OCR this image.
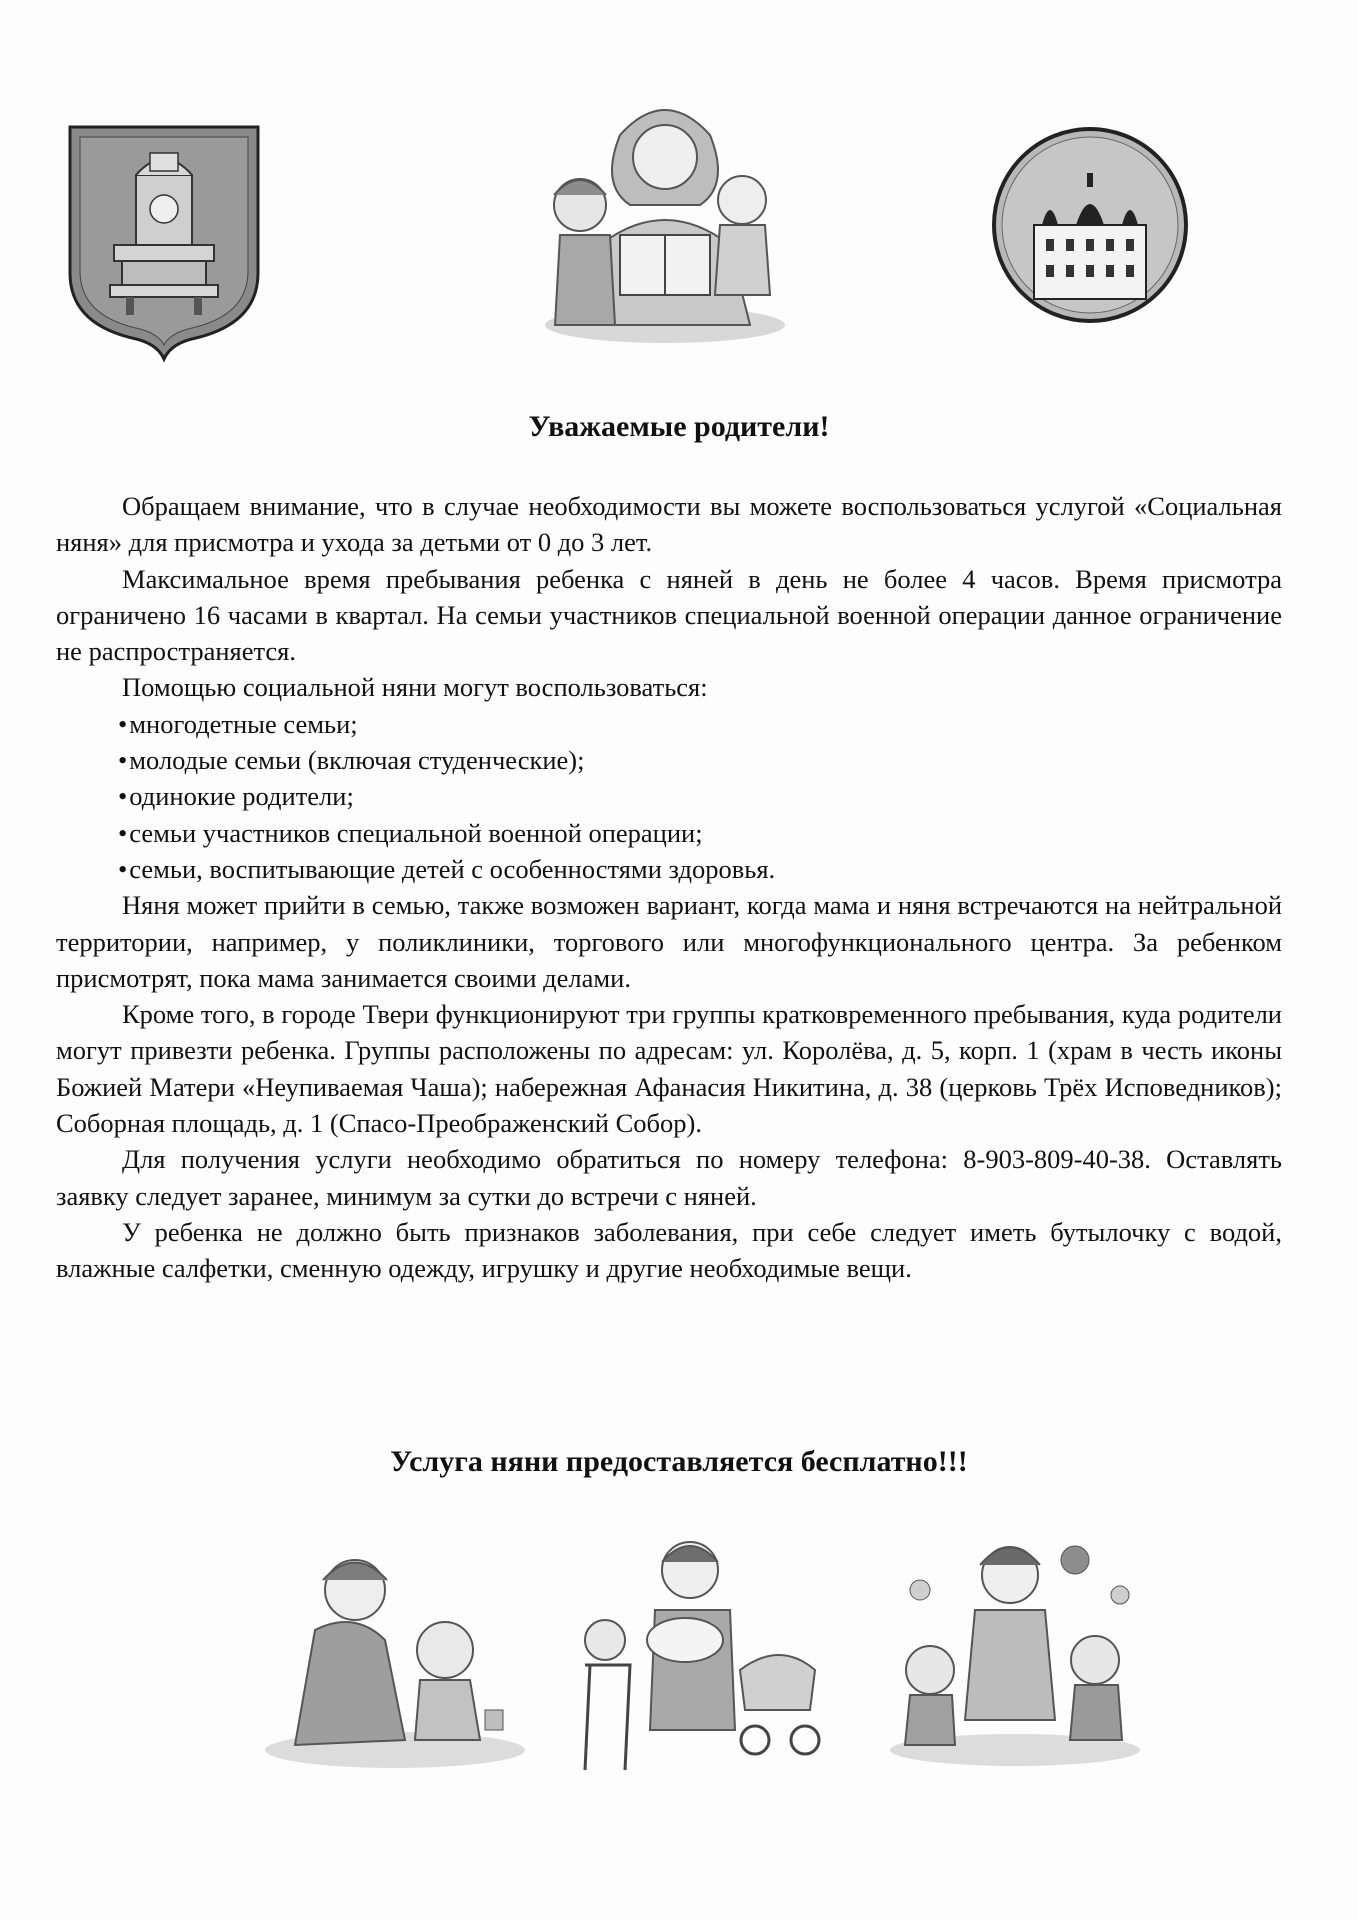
Уважаемые родители!

Обращаем внимание, что в случае необходимости вы можете воспользоваться услугой «Социальная няня» для присмотра и ухода за детьми от 0 до 3 лет.

Максимальное время пребывания ребенка с няней в день не более 4 часов. Время присмотра ограничено 16 часами в квартал. На семьи участников специальной военной операции данное ограничение не распространяется.

Помощью социальной няни могут воспользоваться:

• многодетные семьи;
• молодые семьи (включая студенческие);
• одинокие родители;
• семьи участников специальной военной операции;
• семьи, воспитывающие детей с особенностями здоровья.

Няня может прийти в семью, также возможен вариант, когда мама и няня встречаются на нейтральной территории, например, у поликлиники, торгового или многофункционального центра. За ребенком присмотрят, пока мама занимается своими делами.

Кроме того, в городе Твери функционируют три группы кратковременного пребывания, куда родители могут привезти ребенка. Группы расположены по адресам: ул. Королёва, д. 5, корп. 1 (храм в честь иконы Божией Матери «Неупиваемая Чаша); набережная Афанасия Никитина, д. 38 (церковь Трёх Исповедников); Соборная площадь, д. 1 (Спасо-Преображенский Собор).

Для получения услуги необходимо обратиться по номеру телефона: 8-903-809-40-38. Оставлять заявку следует заранее, минимум за сутки до встречи с няней.

У ребенка не должно быть признаков заболевания, при себе следует иметь бутылочку с водой, влажные салфетки, сменную одежду, игрушку и другие необходимые вещи.

Услуга няни предоставляется бесплатно!!!
